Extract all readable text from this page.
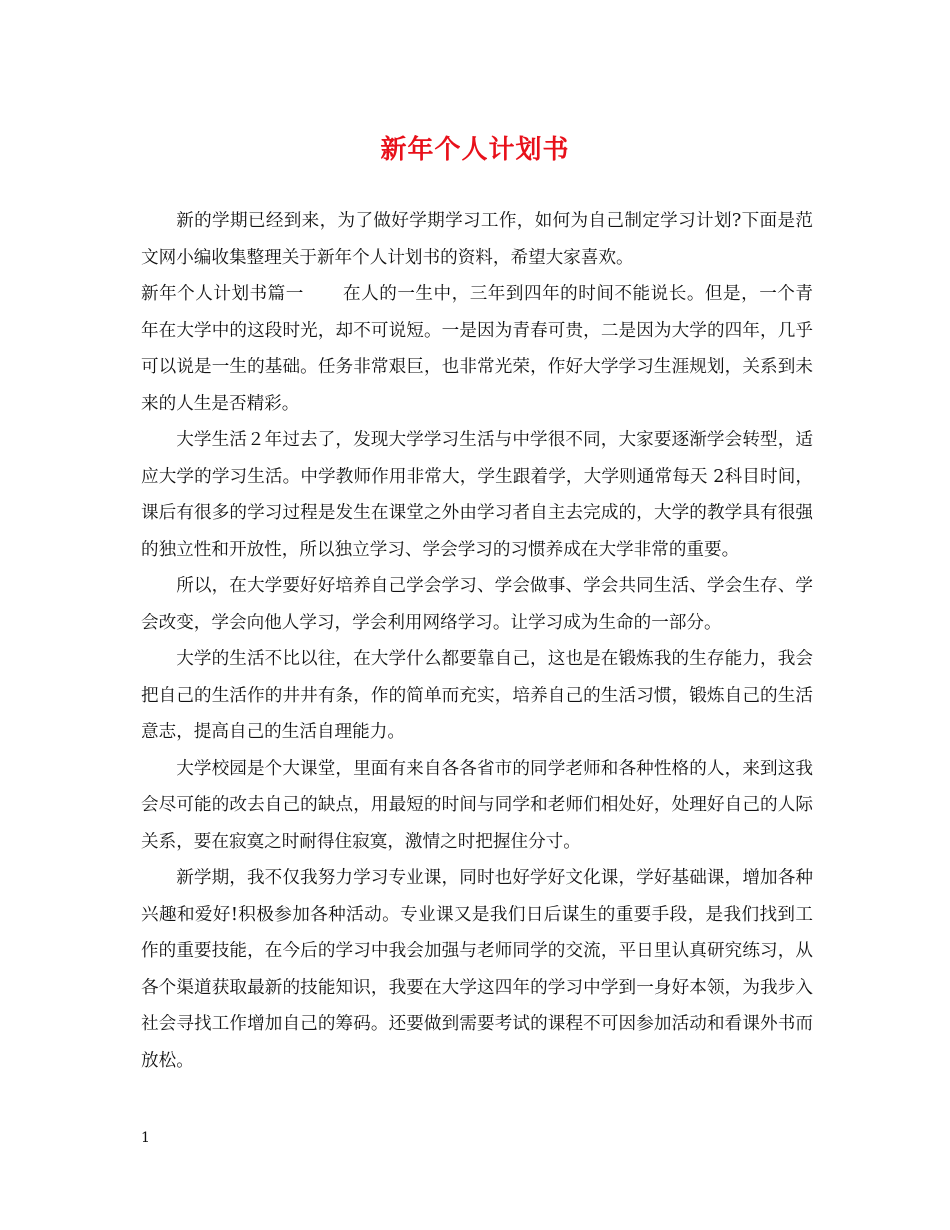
新年个人计划书

新的学期已经到来，为了做好学期学习工作，如何为自己制定学习计划?下面是范文网小编收集整理关于新年个人计划书的资料，希望大家喜欢。

新年个人计划书篇一 在人的一生中，三年到四年的时间不能说长。但是，一个青年在大学中的这段时光，却不可说短。一是因为青春可贵，二是因为大学的四年，几乎可以说是一生的基础。任务非常艰巨，也非常光荣，作好大学学习生涯规划，关系到未来的人生是否精彩。

大学生活２年过去了，发现大学学习生活与中学很不同，大家要逐渐学会转型，适应大学的学习生活。中学教师作用非常大，学生跟着学，大学则通常每天 2科目时间，课后有很多的学习过程是发生在课堂之外由学习者自主去完成的，大学的教学具有很强的独立性和开放性，所以独立学习、学会学习的习惯养成在大学非常的重要。

所以，在大学要好好培养自己学会学习、学会做事、学会共同生活、学会生存、学会改变，学会向他人学习，学会利用网络学习。让学习成为生命的一部分。

大学的生活不比以往，在大学什么都要靠自己，这也是在锻炼我的生存能力，我会把自己的生活作的井井有条，作的简单而充实，培养自己的生活习惯，锻炼自己的生活意志，提高自己的生活自理能力。

大学校园是个大课堂，里面有来自各各省市的同学老师和各种性格的人，来到这我会尽可能的改去自己的缺点，用最短的时间与同学和老师们相处好，处理好自己的人际关系，要在寂寞之时耐得住寂寞，激情之时把握住分寸。

新学期，我不仅我努力学习专业课，同时也好学好文化课，学好基础课，增加各种兴趣和爱好!积极参加各种活动。专业课又是我们日后谋生的重要手段，是我们找到工作的重要技能，在今后的学习中我会加强与老师同学的交流，平日里认真研究练习，从各个渠道获取最新的技能知识，我要在大学这四年的学习中学到一身好本领，为我步入社会寻找工作增加自己的筹码。还要做到需要考试的课程不可因参加活动和看课外书而放松。

1
